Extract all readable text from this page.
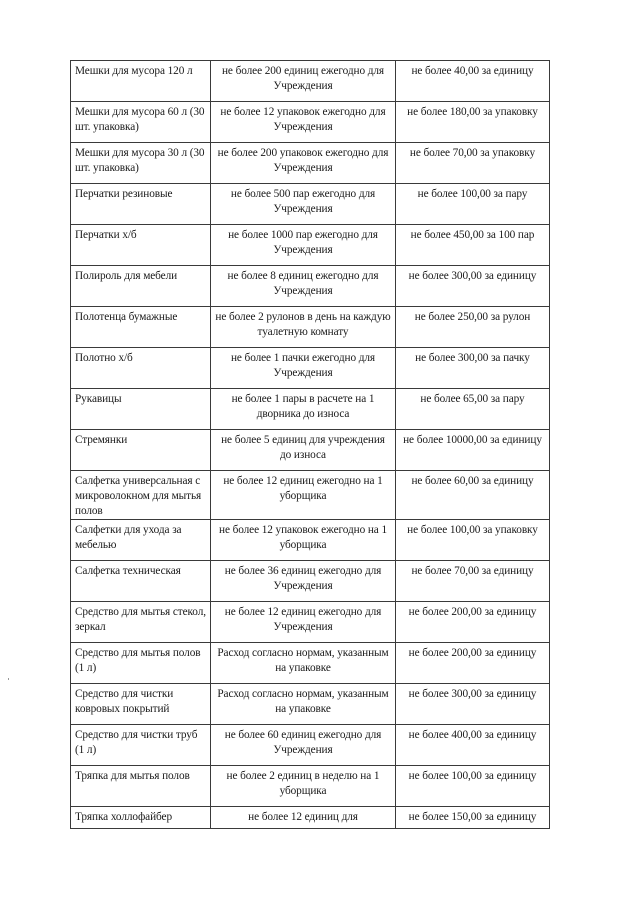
Мешки для мусора 120 л	не более 200 единиц ежегодно для Учреждения	не более 40,00 за единицу
Мешки для мусора 60 л (30 шт. упаковка)	не более 12 упаковок ежегодно для Учреждения	не более 180,00 за упаковку
Мешки для мусора 30 л (30 шт. упаковка)	не более 200 упаковок ежегодно для Учреждения	не более 70,00 за упаковку
Перчатки резиновые	не более 500 пар ежегодно для Учреждения	не более 100,00 за пару
Перчатки х/б	не более 1000 пар ежегодно для Учреждения	не более 450,00 за 100 пар
Полироль для мебели	не более 8 единиц ежегодно для Учреждения	не более 300,00 за единицу
Полотенца бумажные	не более 2 рулонов в день на каждую туалетную комнату	не более 250,00 за рулон
Полотно х/б	не более 1 пачки ежегодно для Учреждения	не более 300,00 за пачку
Рукавицы	не более 1 пары в расчете на 1 дворника до износа	не более 65,00 за пару
Стремянки	не более 5 единиц для учреждения до износа	не более 10000,00 за единицу
Салфетка универсальная с микроволокном для мытья полов	не более 12 единиц ежегодно на 1 уборщика	не более 60,00 за единицу
Салфетки для ухода за мебелью	не более 12 упаковок ежегодно на 1 уборщика	не более 100,00 за упаковку
Салфетка техническая	не более 36 единиц ежегодно для Учреждения	не более 70,00 за единицу
Средство для мытья стекол, зеркал	не более 12 единиц ежегодно для Учреждения	не более 200,00 за единицу
Средство для мытья полов (1 л)	Расход согласно нормам, указанным на упаковке	не более 200,00 за единицу
Средство для чистки ковровых покрытий	Расход согласно нормам, указанным на упаковке	не более 300,00 за единицу
Средство для чистки труб (1 л)	не более 60 единиц ежегодно для Учреждения	не более 400,00 за единицу
Тряпка для мытья полов	не более 2 единиц в неделю на 1 уборщика	не более 100,00 за единицу
Тряпка холлофайбер	не более 12 единиц для	не более 150,00 за единицу
